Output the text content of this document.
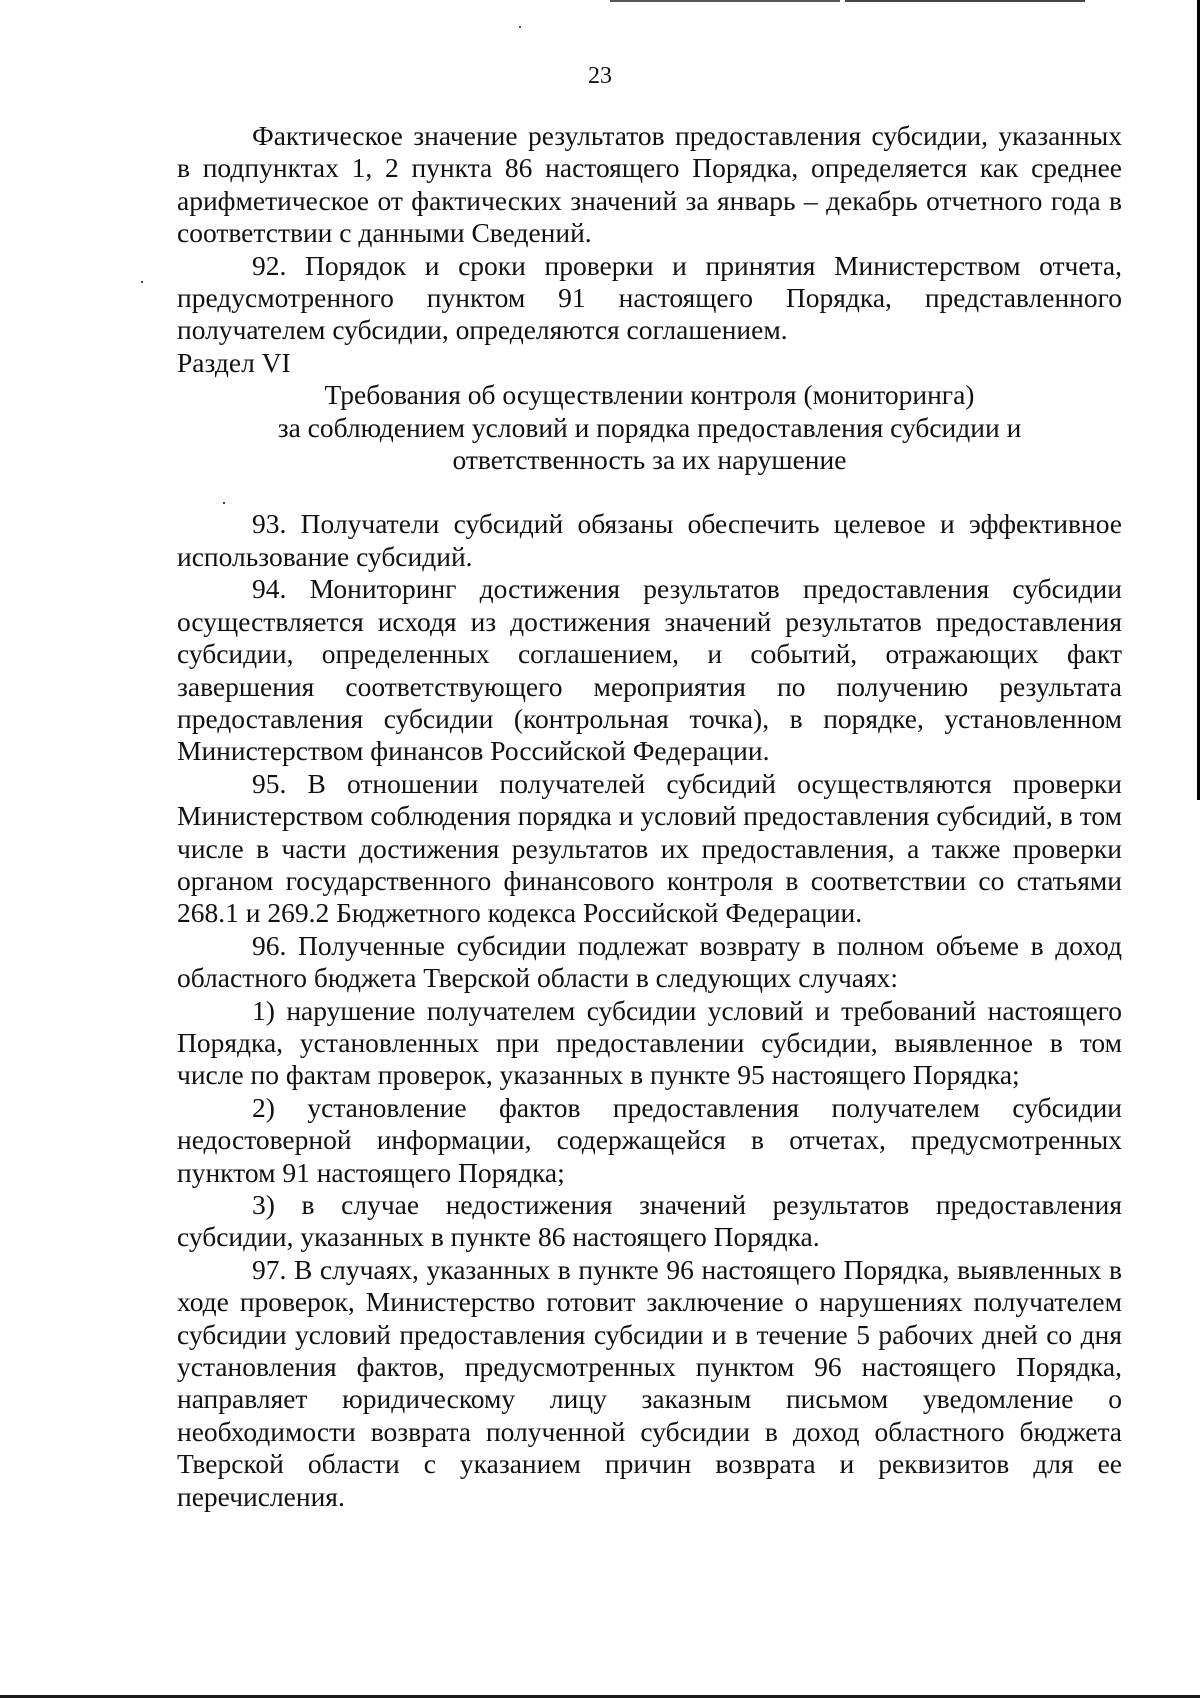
23

Фактическое значение результатов предоставления субсидии, указанных в подпунктах 1, 2 пункта 86 настоящего Порядка, определяется как среднее арифметическое от фактических значений за январь – декабрь отчетного года в соответствии с данными Сведений.

92. Порядок и сроки проверки и принятия Министерством отчета, предусмотренного пунктом 91 настоящего Порядка, представленного получателем субсидии, определяются соглашением.

Раздел VI

Требования об осуществлении контроля (мониторинга)
за соблюдением условий и порядка предоставления субсидии и
ответственность за их нарушение

93. Получатели субсидий обязаны обеспечить целевое и эффективное использование субсидий.

94. Мониторинг достижения результатов предоставления субсидии осуществляется исходя из достижения значений результатов предоставления субсидии, определенных соглашением, и событий, отражающих факт завершения соответствующего мероприятия по получению результата предоставления субсидии (контрольная точка), в порядке, установленном Министерством финансов Российской Федерации.

95. В отношении получателей субсидий осуществляются проверки Министерством соблюдения порядка и условий предоставления субсидий, в том числе в части достижения результатов их предоставления, а также проверки органом государственного финансового контроля в соответствии со статьями 268.1 и 269.2 Бюджетного кодекса Российской Федерации.

96. Полученные субсидии подлежат возврату в полном объеме в доход областного бюджета Тверской области в следующих случаях:

1) нарушение получателем субсидии условий и требований настоящего Порядка, установленных при предоставлении субсидии, выявленное в том числе по фактам проверок, указанных в пункте 95 настоящего Порядка;

2) установление фактов предоставления получателем субсидии недостоверной информации, содержащейся в отчетах, предусмотренных пунктом 91 настоящего Порядка;

3) в случае недостижения значений результатов предоставления субсидии, указанных в пункте 86 настоящего Порядка.

97. В случаях, указанных в пункте 96 настоящего Порядка, выявленных в ходе проверок, Министерство готовит заключение о нарушениях получателем субсидии условий предоставления субсидии и в течение 5 рабочих дней со дня установления фактов, предусмотренных пунктом 96 настоящего Порядка, направляет юридическому лицу заказным письмом уведомление о необходимости возврата полученной субсидии в доход областного бюджета Тверской области с указанием причин возврата и реквизитов для ее перечисления.
